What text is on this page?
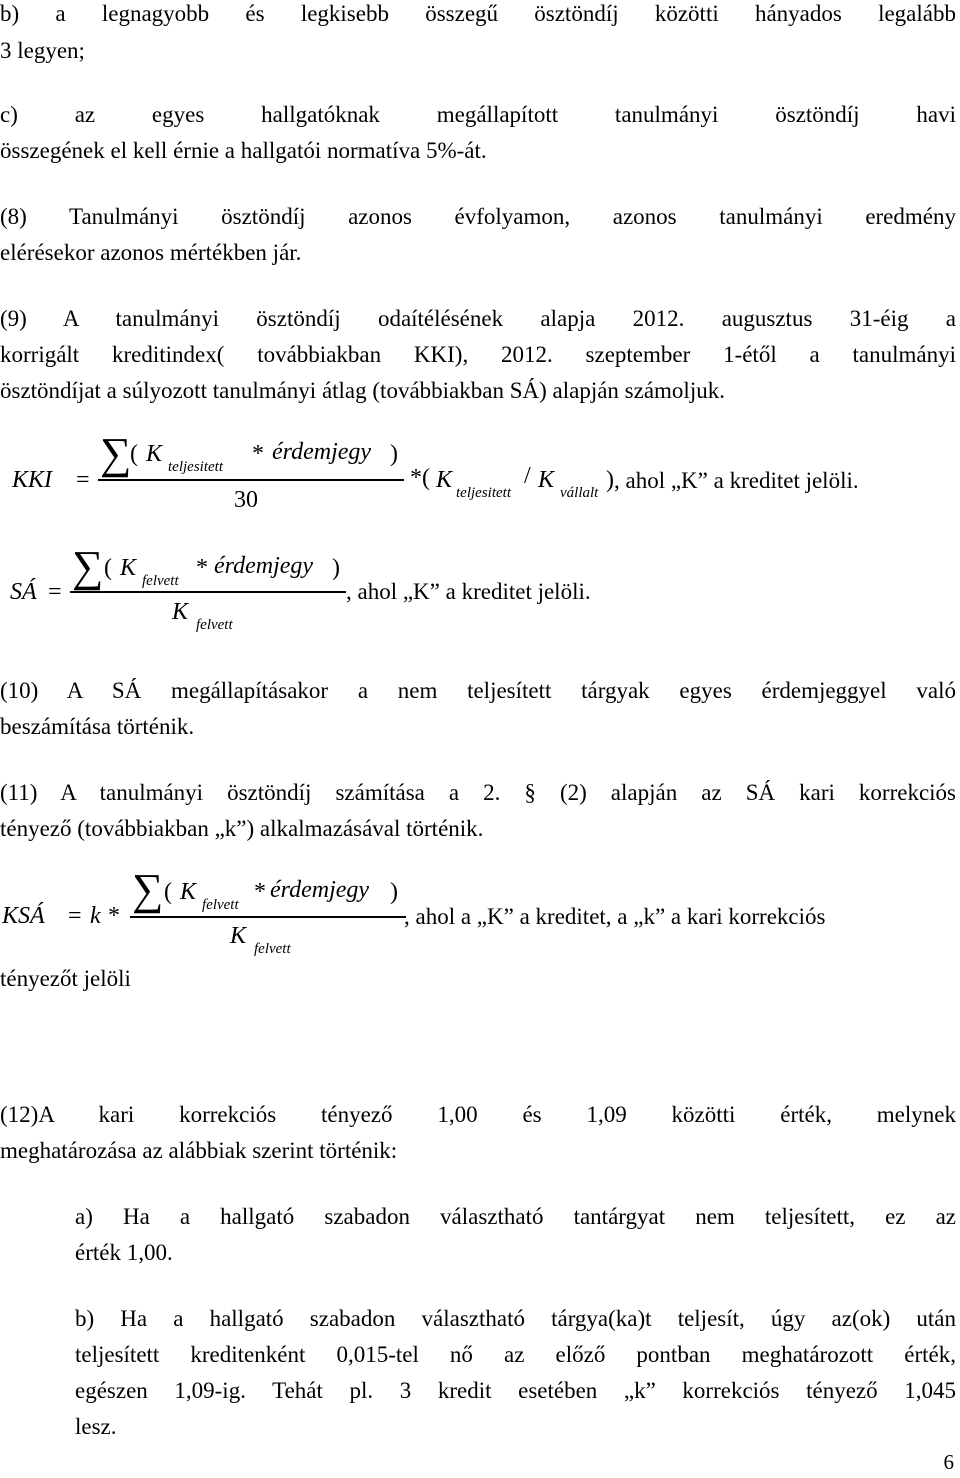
b) a legnagyobb és legkisebb összegű ösztöndíj közötti hányados legalább
3 legyen;
c) az egyes hallgatóknak megállapított tanulmányi ösztöndíj havi
összegének el kell érnie a hallgatói normatíva 5%-át.
(8) Tanulmányi ösztöndíj azonos évfolyamon, azonos tanulmányi eredmény
elérésekor azonos mértékben jár.
(9) A tanulmányi ösztöndíj odaítélésének alapja 2012. augusztus 31-éig a
korrigált kreditindex( továbbiakban KKI), 2012. szeptember 1-étől a tanulmányi
ösztöndíjat a súlyozott tanulmányi átlag (továbbiakban SÁ) alapján számoljuk.
KKI =
∑
( K teljesitett * érdemjegy )
30
*( K teljesitett
/ K vállalt ) , ahol „K” a kreditet jelöli.
SÁ =
∑ ( K felvett * érdemjegy )
K felvett
, ahol „K” a kreditet jelöli.
(10) A SÁ megállapításakor a nem teljesített tárgyak egyes érdemjeggyel való
beszámítása történik.
(11) A tanulmányi ösztöndíj számítása a 2. § (2) alapján az SÁ kari korrekciós
tényező (továbbiakban „k”) alkalmazásával történik.
KSÁ = k *
∑ ( K felvett * érdemjegy )
K felvett
, ahol a „K” a kreditet, a „k” a kari korrekciós
tényezőt jelöli
(12)A kari korrekciós tényező 1,00 és 1,09 közötti érték, melynek
meghatározása az alábbiak szerint történik:
a) Ha a hallgató szabadon választható tantárgyat nem teljesített, ez az
érték 1,00.
b) Ha a hallgató szabadon választható tárgya(ka)t teljesít, úgy az(ok) után
teljesített kreditenként 0,015-tel nő az előző pontban meghatározott érték,
egészen 1,09-ig. Tehát pl. 3 kredit esetében „k” korrekciós tényező 1,045
lesz.
6
